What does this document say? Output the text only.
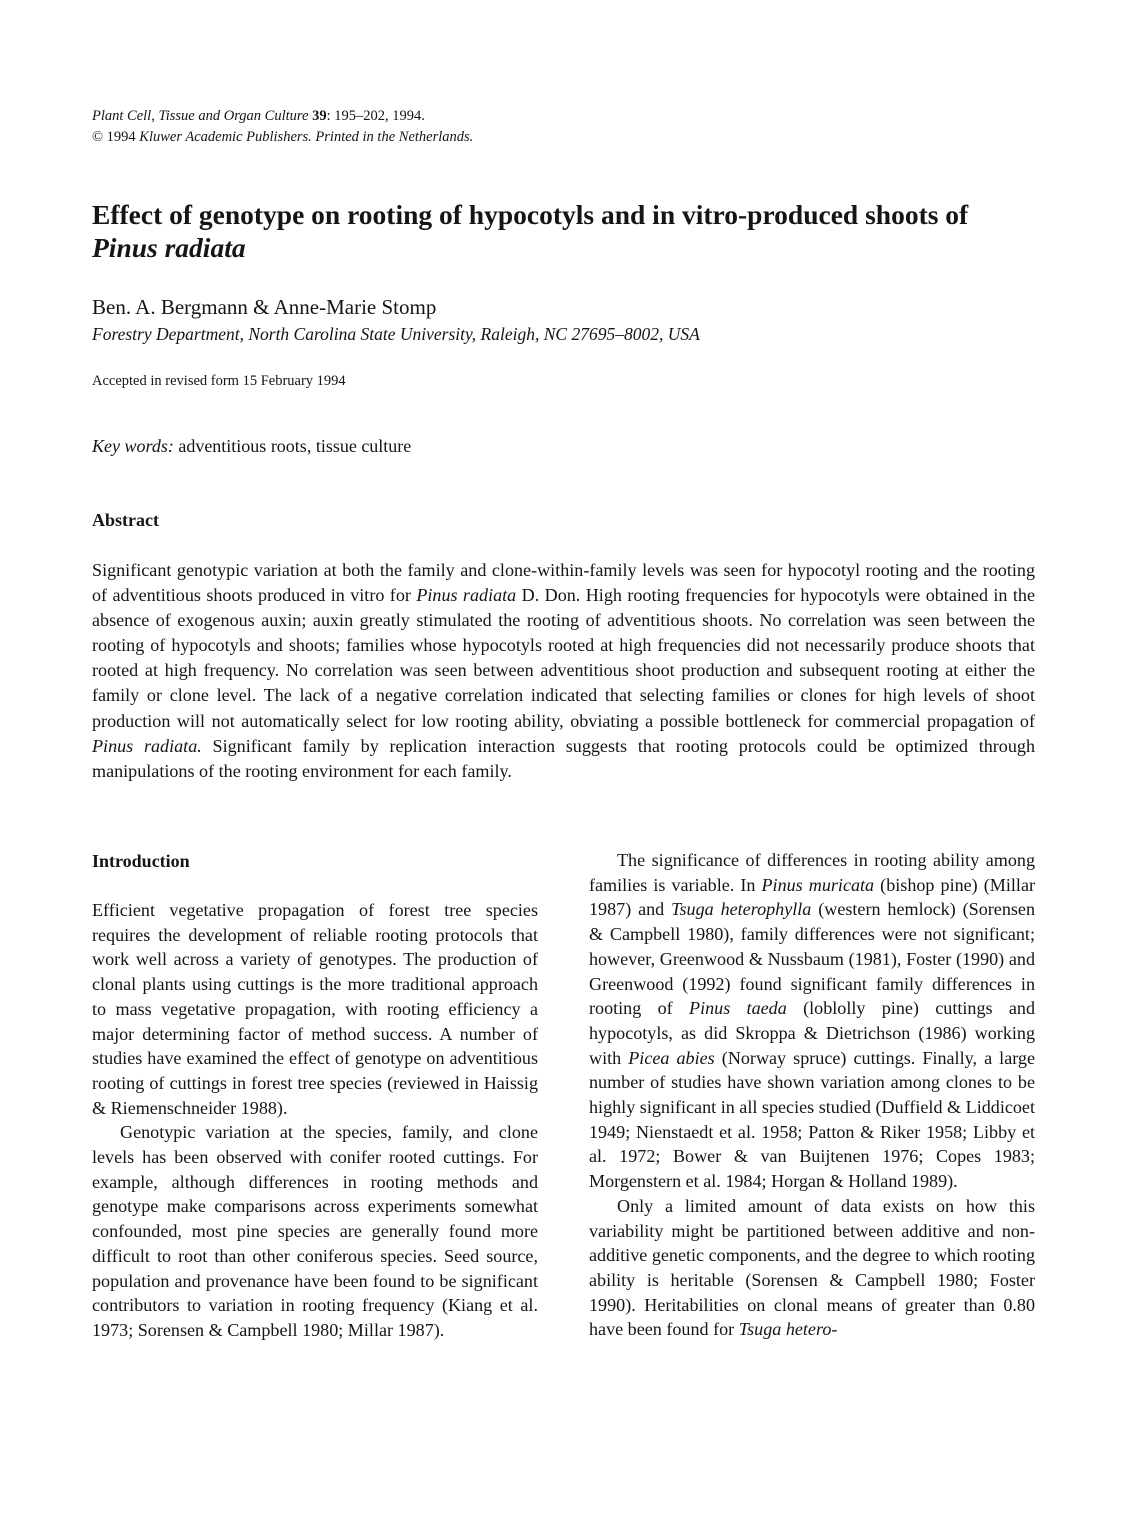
Plant Cell, Tissue and Organ Culture 39: 195–202, 1994.
© 1994 Kluwer Academic Publishers. Printed in the Netherlands.
Effect of genotype on rooting of hypocotyls and in vitro-produced shoots of
Pinus radiata
Ben. A. Bergmann & Anne-Marie Stomp
Forestry Department, North Carolina State University, Raleigh, NC 27695–8002, USA
Accepted in revised form 15 February 1994
Key words: adventitious roots, tissue culture
Abstract
Significant genotypic variation at both the family and clone-within-family levels was seen for hypocotyl rooting and the rooting of adventitious shoots produced in vitro for Pinus radiata D. Don. High rooting frequencies for hypocotyls were obtained in the absence of exogenous auxin; auxin greatly stimulated the rooting of adventitious shoots. No correlation was seen between the rooting of hypocotyls and shoots; families whose hypocotyls rooted at high frequencies did not necessarily produce shoots that rooted at high frequency. No correlation was seen between adventitious shoot production and subsequent rooting at either the family or clone level. The lack of a negative correlation indicated that selecting families or clones for high levels of shoot production will not automatically select for low rooting ability, obviating a possible bottleneck for commercial propagation of Pinus radiata. Significant family by replication interaction suggests that rooting protocols could be optimized through manipulations of the rooting environment for each family.
Introduction

Efficient vegetative propagation of forest tree species requires the development of reliable rooting protocols that work well across a variety of genotypes. The production of clonal plants using cuttings is the more traditional approach to mass vegetative propagation, with rooting efficiency a major determining factor of method success. A number of studies have examined the effect of genotype on adventitious rooting of cuttings in forest tree species (reviewed in Haissig & Riemenschneider 1988).

Genotypic variation at the species, family, and clone levels has been observed with conifer rooted cuttings. For example, although differences in rooting methods and genotype make comparisons across experiments somewhat confounded, most pine species are generally found more difficult to root than other coniferous species. Seed source, population and provenance have been found to be significant contributors to variation in rooting frequency (Kiang et al. 1973; Sorensen & Campbell 1980; Millar 1987).

The significance of differences in rooting ability among families is variable. In Pinus muricata (bishop pine) (Millar 1987) and Tsuga heterophylla (western hemlock) (Sorensen & Campbell 1980), family differences were not significant; however, Greenwood & Nussbaum (1981), Foster (1990) and Greenwood (1992) found significant family differences in rooting of Pinus taeda (loblolly pine) cuttings and hypocotyls, as did Skroppa & Dietrichson (1986) working with Picea abies (Norway spruce) cuttings. Finally, a large number of studies have shown variation among clones to be highly significant in all species studied (Duffield & Liddicoet 1949; Nienstaedt et al. 1958; Patton & Riker 1958; Libby et al. 1972; Bower & van Buijtenen 1976; Copes 1983; Morgenstern et al. 1984; Horgan & Holland 1989).

Only a limited amount of data exists on how this variability might be partitioned between additive and non-additive genetic components, and the degree to which rooting ability is heritable (Sorensen & Campbell 1980; Foster 1990). Heritabilities on clonal means of greater than 0.80 have been found for Tsuga hetero-
